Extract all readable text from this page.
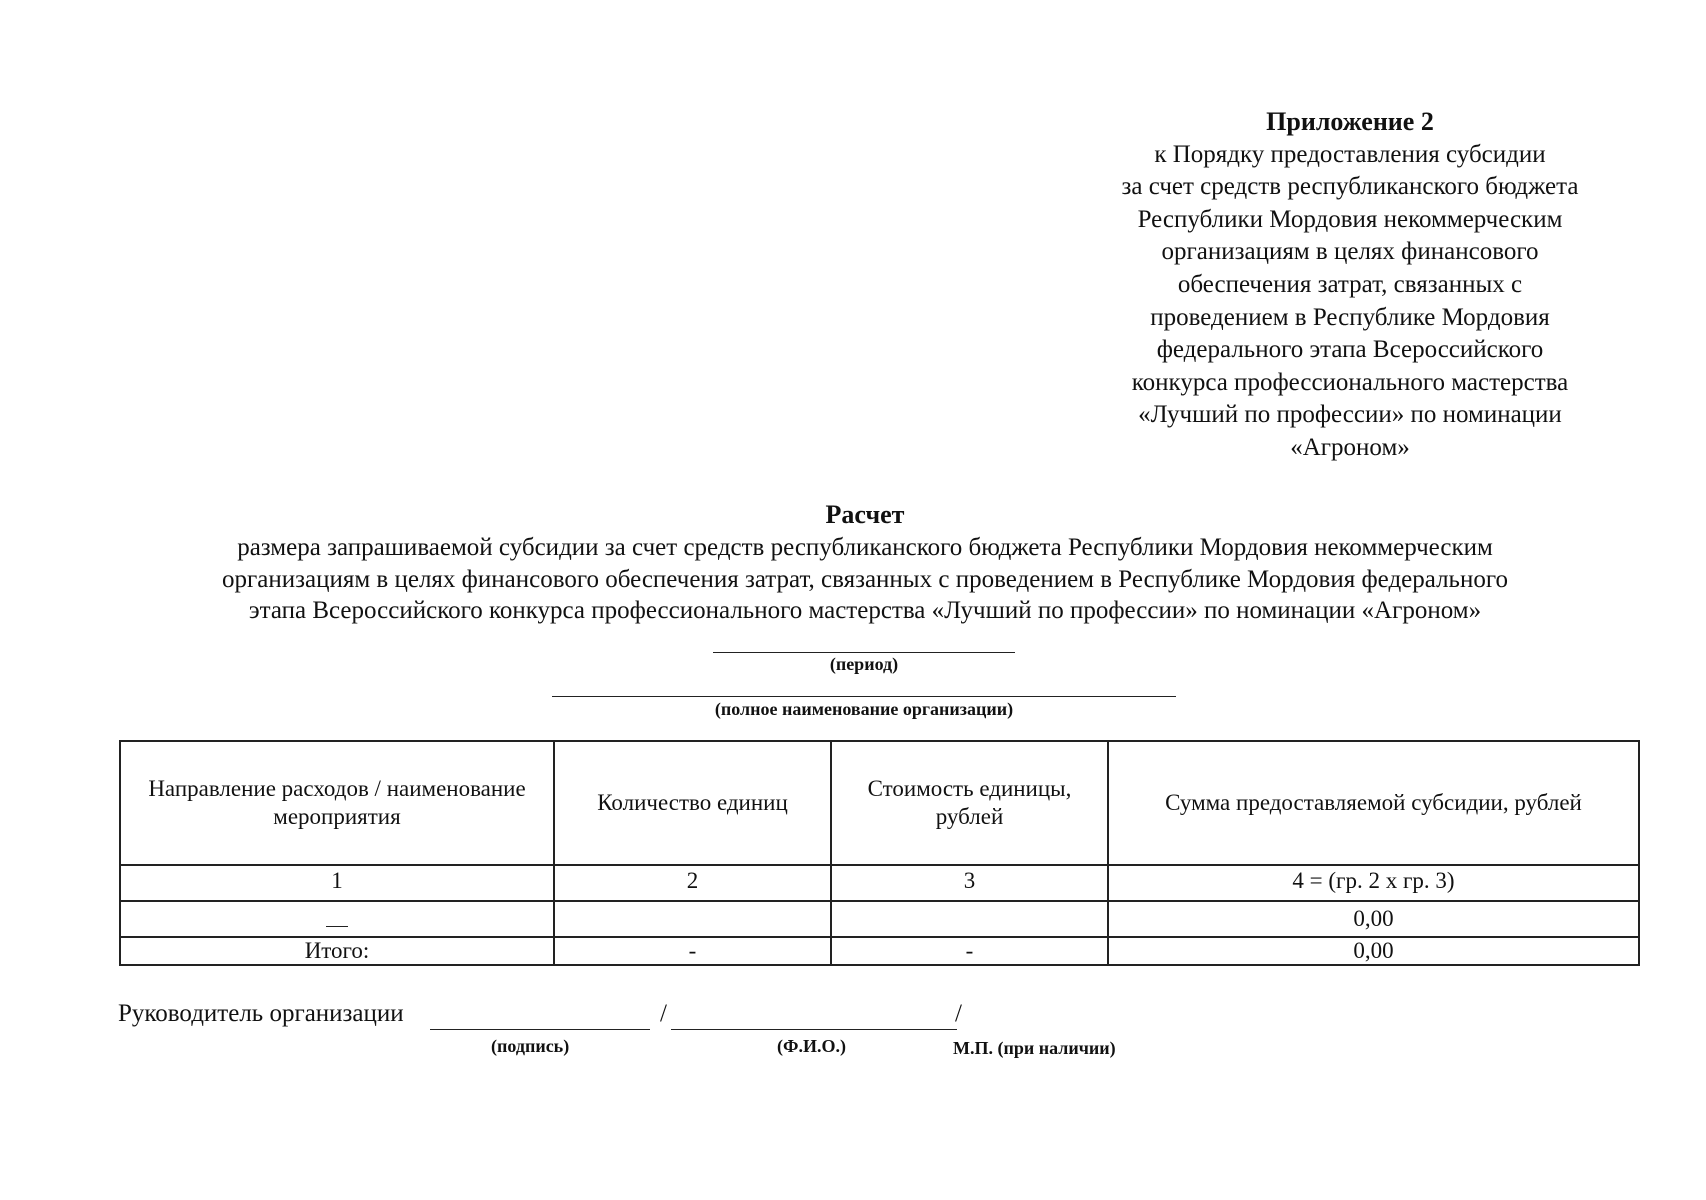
Приложение 2
к Порядку предоставления субсидии
за счет средств республиканского бюджета
Республики Мордовия некоммерческим
организациям в целях финансового
обеспечения затрат, связанных с
проведением в Республике Мордовия
федерального этапа Всероссийского
конкурса профессионального мастерства
«Лучший по профессии» по номинации
«Агроном»
Расчет
размера запрашиваемой субсидии за счет средств республиканского бюджета Республики Мордовия некоммерческим
организациям в целях финансового обеспечения затрат, связанных с проведением в Республике Мордовия федерального
этапа Всероссийского конкурса профессионального мастерства «Лучший по профессии» по номинации «Агроном»
(период)
(полное наименование организации)
Направление расходов / наименование мероприятия	Количество единиц	Стоимость единицы, рублей	Сумма предоставляемой субсидии, рублей
1	2	3	4 = (гр. 2 х гр. 3)
			0,00
Итого:	-	-	0,00
Руководитель организации	/	/
(подпись)	(Ф.И.О.)	М.П. (при наличии)
